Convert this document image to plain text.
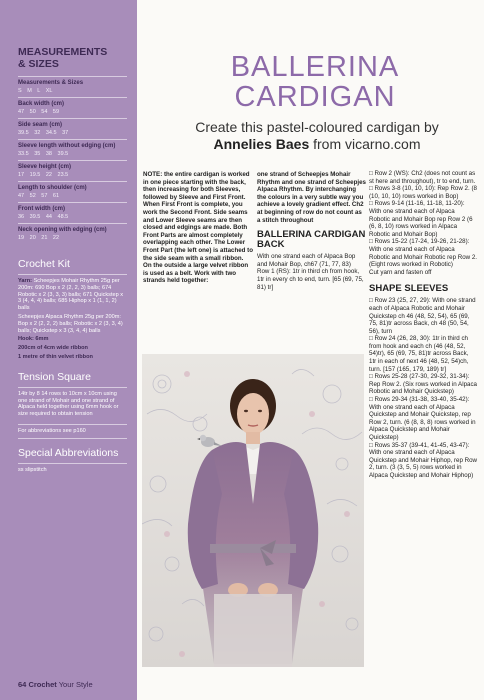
MEASUREMENTS
& SIZES
Measurements & Sizes
S M L XL
Back width (cm)
47 50 54 59
Side seam (cm)
39.5 32 34.5 37
Sleeve length without edging (cm)
33.5 35 38 39.5
Sleeve height (cm)
17 19.5 22 23.5
Length to shoulder (cm)
47 52 57 61
Front width (cm)
36 39.5 44 48.5
Neck opening with edging (cm)
19 20 21 22
Crochet Kit
Yarn: Scheepjes Mohair Rhythm 25g per 200m: 690 Bop x 2 (2, 2, 3) balls; 674 Robotic x 2 (3, 3, 3) balls; 671 Quickstep x 3 (4, 4, 4) balls; 685 Hiphop x 1 (1, 1, 2) balls
Scheepjes Alpaca Rhythm 25g per 200m: Bop x 2 (2, 2, 2) balls; Robotic x 2 (3, 3, 4) balls; Quickstep x 3 (3, 4, 4) balls
Hook: 6mm
200cm of 4cm wide ribbon
1 metre of thin velvet ribbon
Tension Square
14tr by 8 14 rows to 10cm x 10cm using one strand of Mohair and one strand of Alpaca held together using 6mm hook or size required to obtain tension
For abbreviations see p160
Special Abbreviations
ss slipstitch
BALLERINA
CARDIGAN
Create this pastel-coloured cardigan by
Annelies Baes from vicarno.com

NOTE: the entire cardigan is worked in one piece starting with the back, then increasing for both Sleeves, followed by Sleeve and First Front. When First Front is complete, you work the Second Front. Side seams and Lower Sleeve seams are then closed and edgings are made. Both Front Parts are almost completely overlapping each other. The Lower Front Part (the left one) is attached to the side seam with a small ribbon. On the outside a large velvet ribbon is used as a belt. Work with two strands held together:

one strand of Scheepjes Mohair Rhythm and one strand of Scheepjes Alpaca Rhythm. By interchanging the colours in a very subtle way you achieve a lovely gradient effect. Ch2 at beginning of row do not count as a stitch throughout

BALLERINA CARDIGAN
BACK

With one strand each of Alpaca Bop and Mohair Bop, ch67 (71, 77, 83)

Row 1 (RS): 1tr in third ch from hook, 1tr in every ch to end, turn. [65 (69, 75, 81) tr]

□ Row 2 (WS): Ch2 (does not count as st here and throughout), tr to end, turn.

□ Rows 3-8 (10, 10, 10): Rep Row 2. (8 (10, 10, 10) rows worked in Bop)

□ Rows 9-14 (11-16, 11-18, 11-20): With one strand each of Alpaca Robotic and Mohair Bop rep Row 2 (6 (6, 8, 10) rows worked in Alpaca Robotic and Mohair Bop)

□ Rows 15-22 (17-24, 19-26, 21-28): With one strand each of Alpaca Robotic and Mohair Robotic rep Row 2. (Eight rows worked in Robotic)

Cut yarn and fasten off

SHAPE SLEEVES

□ Row 23 (25, 27, 29): With one strand each of Alpaca Robotic and Mohair Quickstep ch 46 (48, 52, 54), 65 (69, 75, 81)tr across Back, ch 48 (50, 54, 56), turn

□ Row 24 (26, 28, 30): 1tr in third ch from hook and each ch (46 (48, 52, 54)tr), 65 (69, 75, 81)tr across Back, 1tr in each of next 46 (48, 52, 54)ch, turn. [157 (165, 179, 189) tr]

□ Rows 25-28 (27-30, 29-32, 31-34): Rep Row 2. (Six rows worked in Alpaca Robotic and Mohair Quickstep)

□ Rows 29-34 (31-38, 33-40, 35-42): With one strand each of Alpaca Quickstep and Mohair Quickstep, rep Row 2, turn. (6 (8, 8, 8) rows worked in Alpaca Quickstep and Mohair Quickstep)

□ Rows 35-37 (39-41, 41-45, 43-47): With one strand each of Alpaca Quickstep and Mohair Hiphop, rep Row 2, turn. (3 (3, 5, 5) rows worked in Alpaca Quickstep and Mohair Hiphop)

64 Crochet Your Style
